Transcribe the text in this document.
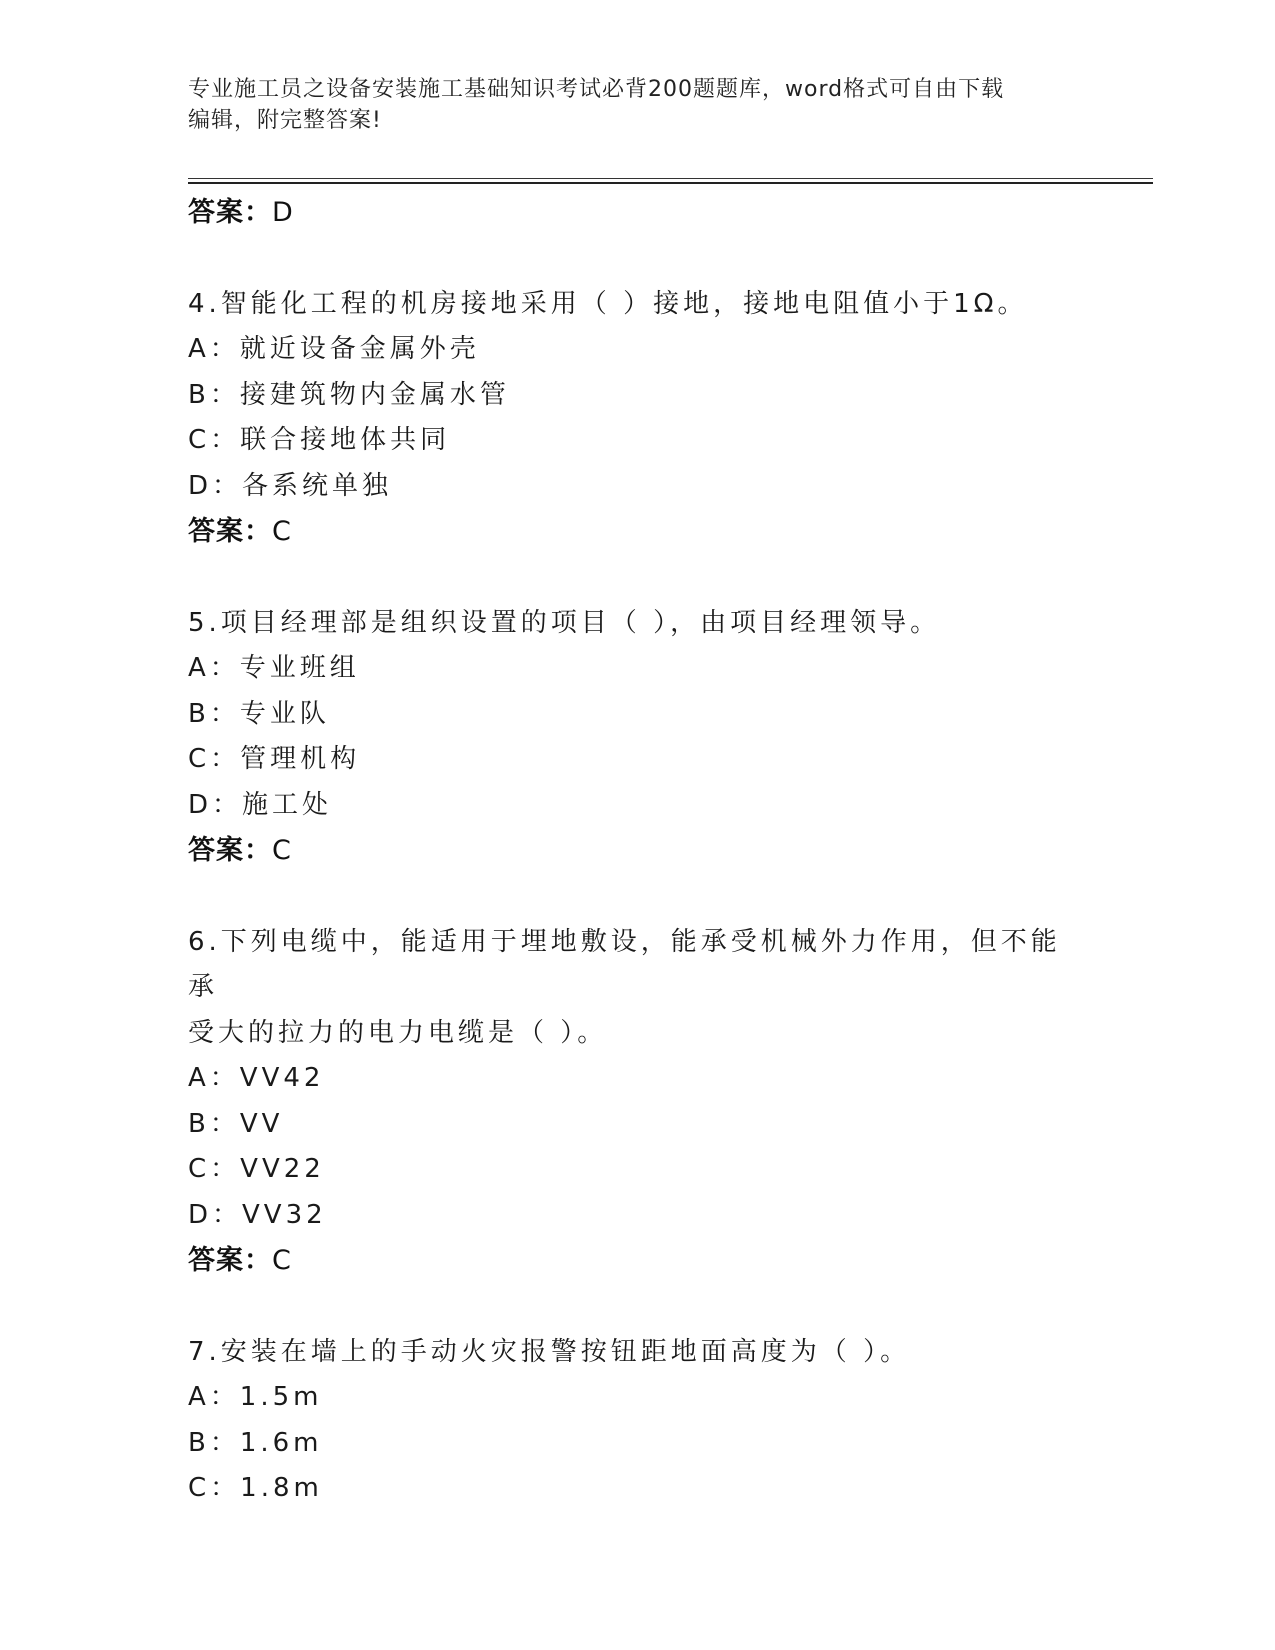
专业施工员之设备安装施工基础知识考试必背200题题库，word格式可自由下载
编辑，附完整答案!
答案：D
4.智能化工程的机房接地采用（ ）接地，接地电阻值小于1Ω。
A：就近设备金属外壳
B：接建筑物内金属水管
C：联合接地体共同
D：各系统单独
答案：C
5.项目经理部是组织设置的项目（ ），由项目经理领导。
A：专业班组
B：专业队
C：管理机构
D：施工处
答案：C
6.下列电缆中，能适用于埋地敷设，能承受机械外力作用，但不能承
受大的拉力的电力电缆是（ ）。
A：VV42
B：VV
C：VV22
D：VV32
答案：C
7.安装在墙上的手动火灾报警按钮距地面高度为（ ）。
A：1.5m
B：1.6m
C：1.8m
